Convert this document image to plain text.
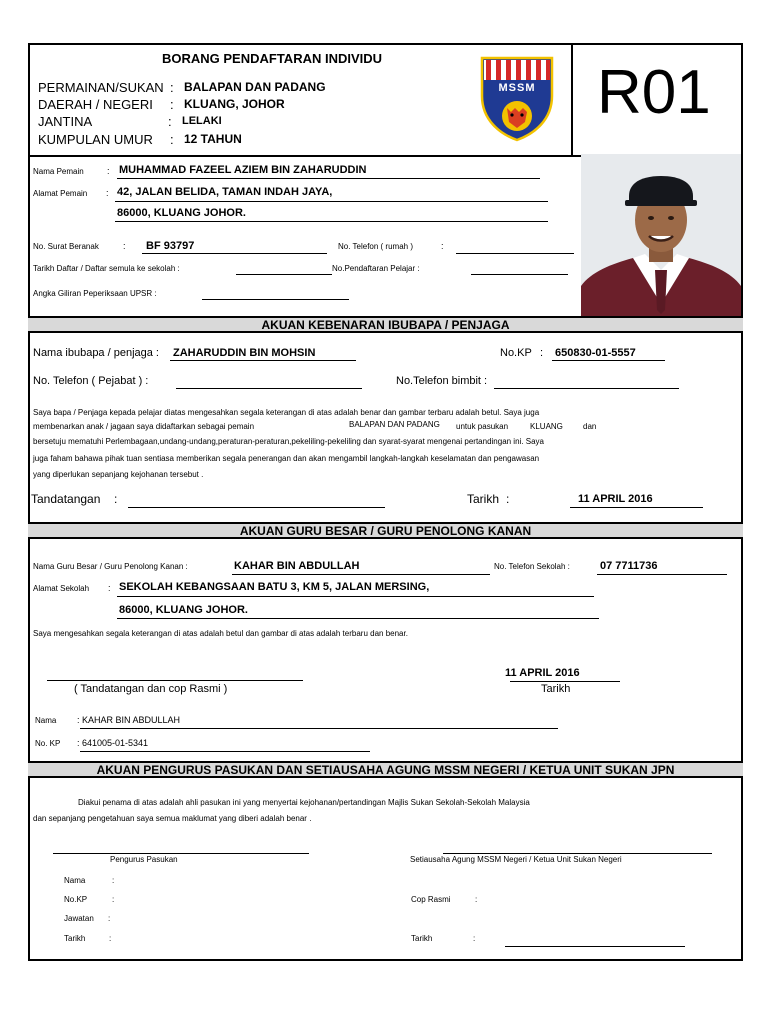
BORANG PENDAFTARAN INDIVIDU
PERMAINAN/SUKAN : BALAPAN DAN PADANG
DAERAH / NEGERI : KLUANG, JOHOR
JANTINA	: LELAKI
KUMPULAN UMUR : 12 TAHUN
MSSM R01
Nama Pemain	: MUHAMMAD FAZEEL AZIEM BIN ZAHARUDDIN
Alamat Pemain : 42, JALAN BELIDA, TAMAN INDAH JAYA,
86000, KLUANG JOHOR.
No. Surat Beranak	: BF 93797	No. Telefon ( rumah )	:
Tarikh Daftar / Daftar semula ke sekolah :	No.Pendaftaran Pelajar :
Angka Giliran Peperiksaan UPSR :
AKUAN KEBENARAN IBUBAPA / PENJAGA
Nama ibubapa / penjaga : ZAHARUDDIN BIN MOHSIN	No.KP : 650830-01-5557
No. Telefon ( Pejabat ) :	No.Telefon bimbit :
Saya bapa / Penjaga kepada pelajar diatas mengesahkan segala keterangan di atas adalah benar dan gambar terbaru adalah betul. Saya juga
membenarkan anak / jagaan saya didaftarkan sebagai pemain	BALAPAN DAN PADANG untuk pasukan	KLUANG	dan
bersetuju mematuhi Perlembagaan,undang-undang,peraturan-peraturan,pekeliling-pekeliling dan syarat-syarat mengenai pertandingan ini. Saya
juga faham bahawa pihak tuan sentiasa memberikan segala penerangan dan akan mengambil langkah-langkah keselamatan dan pengawasan
yang diperlukan sepanjang kejohanan tersebut .
Tandatangan :	Tarikh :	11 APRIL 2016
AKUAN GURU BESAR / GURU PENOLONG KANAN
Nama Guru Besar / Guru Penolong Kanan :	KAHAR BIN ABDULLAH	No. Telefon Sekolah :	07 7711736
Alamat Sekolah : SEKOLAH KEBANGSAAN BATU 3, KM 5, JALAN MERSING,
86000, KLUANG JOHOR.
Saya mengesahkan segala keterangan di atas adalah betul dan gambar di atas adalah terbaru dan benar.
( Tandatangan dan cop Rasmi )
11 APRIL 2016
Tarikh
Nama : KAHAR BIN ABDULLAH
No. KP : 641005-01-5341
AKUAN PENGURUS PASUKAN DAN SETIAUSAHA AGUNG MSSM NEGERI / KETUA UNIT SUKAN JPN
Diakui penama di atas adalah ahli pasukan ini yang menyertai kejohanan/pertandingan Majlis Sukan Sekolah-Sekolah Malaysia
dan sepanjang pengetahuan saya semua maklumat yang diberi adalah benar .
Pengurus Pasukan	Setiausaha Agung MSSM Negeri / Ketua Unit Sukan Negeri
Nama	:
No.KP	:
Jawatan :
Tarikh	:
Cop Rasmi	:
Tarikh	:
